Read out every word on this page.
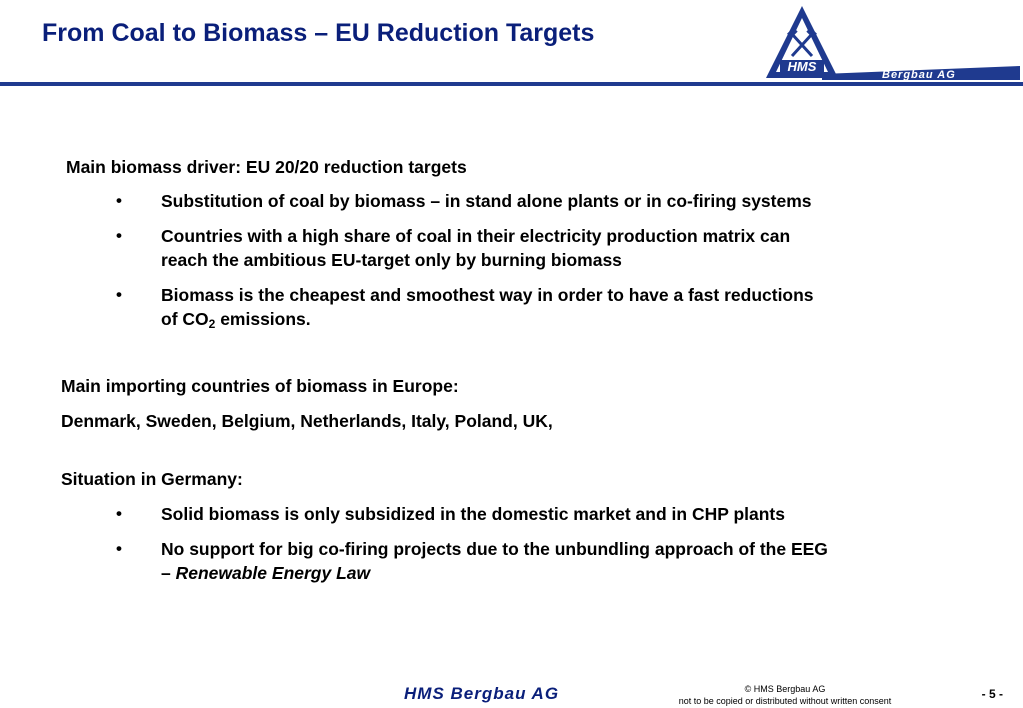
From Coal to Biomass – EU Reduction Targets
HMS
Bergbau AG
Main biomass driver: EU 20/20 reduction targets
• Substitution of coal by biomass – in stand alone plants or in co-firing systems
• Countries with a high share of coal in their electricity production matrix can
reach the ambitious EU-target only by burning biomass
• Biomass is the cheapest and smoothest way in order to have a fast reductions
of $CO_2$ emissions.
Main importing countries of biomass in Europe:
Denmark, Sweden, Belgium, Netherlands, Italy, Poland, UK,
Situation in Germany:
• Solid biomass is only subsidized in the domestic market and in CHP plants
• No support for big co-firing projects due to the unbundling approach of the EEG
– Renewable Energy Law
HMS Bergbau AG	© HMS Bergbau AG
not to be copied or distributed without written consent	- 5 -
